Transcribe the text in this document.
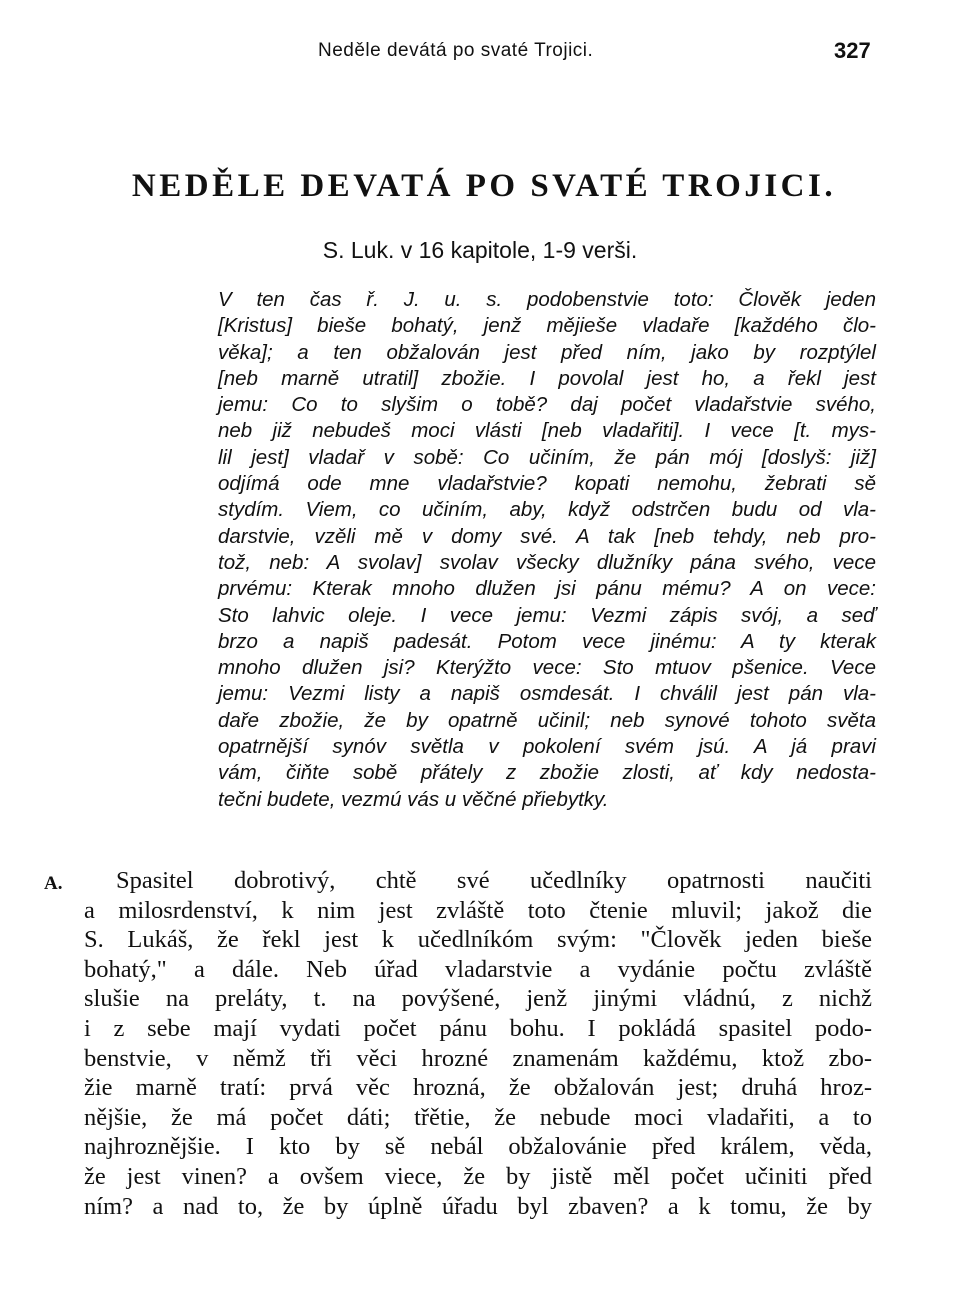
Neděle devátá po svaté Trojici.	327
NEDĚLE DEVATÁ PO SVATÉ TROJICI.
S. Luk. v 16 kapitole, 1-9 verši.
V ten čas ř. J. u. s. podobenstvie toto: Člověk jeden
[Kristus] bieše bohatý, jenž mějieše vladaře [každého člo-
věka]; a ten obžalován jest před ním, jako by rozptýlel
[neb marně utratil] zbožie. I povolal jest ho, a řekl jest
jemu: Co to slyšim o tobě? daj počet vladařstvie svého,
neb již nebudeš moci vlásti [neb vladařiti]. I vece [t. mys-
lil jest] vladař v sobě: Co učiním, že pán mój [doslyš: již]
odjímá ode mne vladařstvie? kopati nemohu, žebrati sě
stydím. Viem, co učiním, aby, když odstrčen budu od vla-
darstvie, vzěli mě v domy své. A tak [neb tehdy, neb pro-
tož, neb: A svolav] svolav všecky dlužníky pána svého, vece
prvému: Kterak mnoho dlužen jsi pánu mému? A on vece:
Sto lahvic oleje. I vece jemu: Vezmi zápis svój, a seď
brzo a napiš padesát. Potom vece jinému: A ty kterak
mnoho dlužen jsi? Kterýžto vece: Sto mtuov pšenice. Vece
jemu: Vezmi listy a napiš osmdesát. I chválil jest pán vla-
daře zbožie, že by opatrně učinil; neb synové tohoto světa
opatrnější synóv světla v pokolení svém jsú. A já pravi
vám, čiňte sobě přátely z zbožie zlosti, ať kdy nedosta-
tečni budete, vezmú vás u věčné přiebytky.
A.	Spasitel dobrotivý, chtě své učedlníky opatrnosti naučiti
a milosrdenství, k nim jest zvláště toto čtenie mluvil; jakož die
S. Lukáš, že řekl jest k učedlníkóm svým: "Člověk jeden bieše
bohatý," a dále. Neb úřad vladarstvie a vydánie počtu zvláště
slušie na preláty, t. na povýšené, jenž jinými vládnú, z nichž
i z sebe mají vydati počet pánu bohu. I pokládá spasitel podo-
benstvie, v němž tři věci hrozné znamenám každému, ktož zbo-
žie marně tratí: prvá věc hrozná, že obžalován jest; druhá hroz-
nějšie, že má počet dáti; třětie, že nebude moci vladařiti, a to
najhroznějšie. I kto by sě nebál obžalovánie před králem, věda,
že jest vinen? a ovšem viece, že by jistě měl počet učiniti před
ním? a nad to, že by úplně úřadu byl zbaven? a k tomu, že by
